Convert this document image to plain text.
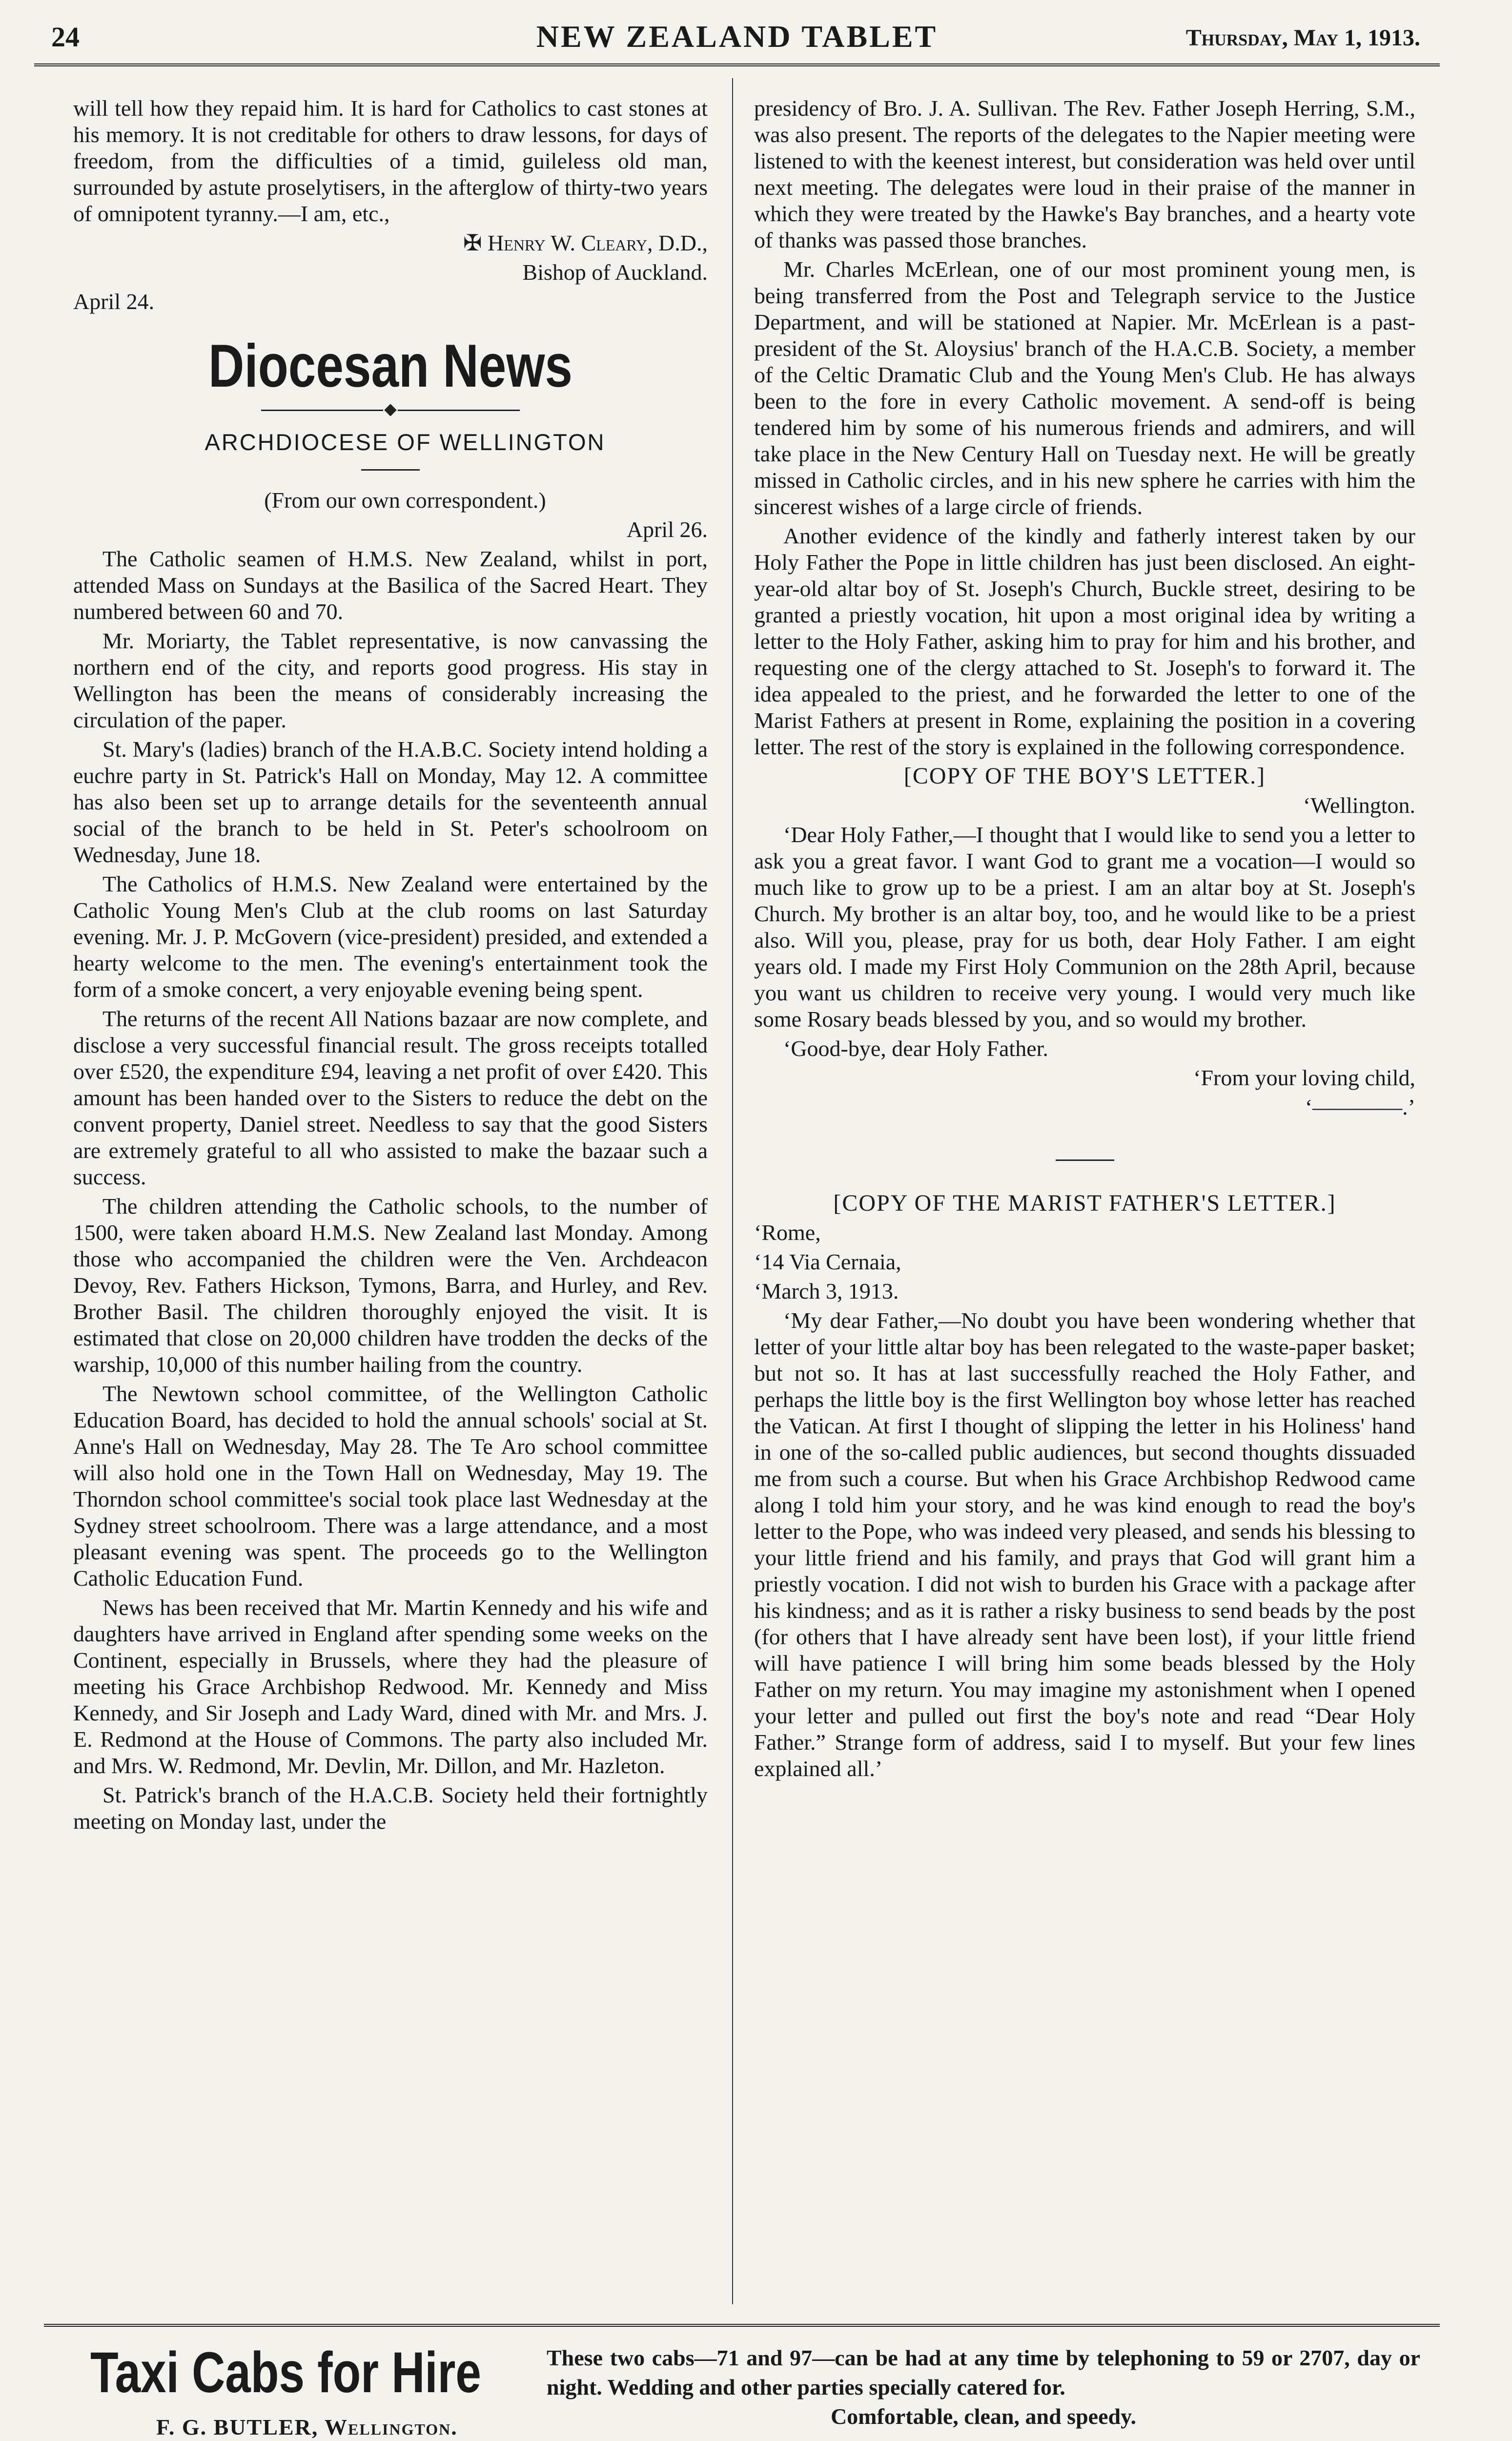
24	NEW ZEALAND TABLET	Thursday, May 1, 1913.

will tell how they repaid him. It is hard for Catholics to cast stones at his memory. It is not creditable for others to draw lessons, for days of freedom, from the difficulties of a timid, guileless old man, surrounded by astute proselytisers, in the afterglow of thirty-two years of omnipotent tyranny.—I am, etc.,

✠ Henry W. Cleary, D.D.,

Bishop of Auckland.

April 24.

Diocesan News

ARCHDIOCESE OF WELLINGTON

(From our own correspondent.)

April 26.

The Catholic seamen of H.M.S. New Zealand, whilst in port, attended Mass on Sundays at the Basilica of the Sacred Heart. They numbered between 60 and 70.

Mr. Moriarty, the Tablet representative, is now canvassing the northern end of the city, and reports good progress. His stay in Wellington has been the means of considerably increasing the circulation of the paper.

St. Mary's (ladies) branch of the H.A.B.C. Society intend holding a euchre party in St. Patrick's Hall on Monday, May 12. A committee has also been set up to arrange details for the seventeenth annual social of the branch to be held in St. Peter's schoolroom on Wednesday, June 18.

The Catholics of H.M.S. New Zealand were entertained by the Catholic Young Men's Club at the club rooms on last Saturday evening. Mr. J. P. McGovern (vice-president) presided, and extended a hearty welcome to the men. The evening's entertainment took the form of a smoke concert, a very enjoyable evening being spent.

The returns of the recent All Nations bazaar are now complete, and disclose a very successful financial result. The gross receipts totalled over £520, the expenditure £94, leaving a net profit of over £420. This amount has been handed over to the Sisters to reduce the debt on the convent property, Daniel street. Needless to say that the good Sisters are extremely grateful to all who assisted to make the bazaar such a success.

The children attending the Catholic schools, to the number of 1500, were taken aboard H.M.S. New Zealand last Monday. Among those who accompanied the children were the Ven. Archdeacon Devoy, Rev. Fathers Hickson, Tymons, Barra, and Hurley, and Rev. Brother Basil. The children thoroughly enjoyed the visit. It is estimated that close on 20,000 children have trodden the decks of the warship, 10,000 of this number hailing from the country.

The Newtown school committee, of the Wellington Catholic Education Board, has decided to hold the annual schools' social at St. Anne's Hall on Wednesday, May 28. The Te Aro school committee will also hold one in the Town Hall on Wednesday, May 19. The Thorndon school committee's social took place last Wednesday at the Sydney street schoolroom. There was a large attendance, and a most pleasant evening was spent. The proceeds go to the Wellington Catholic Education Fund.

News has been received that Mr. Martin Kennedy and his wife and daughters have arrived in England after spending some weeks on the Continent, especially in Brussels, where they had the pleasure of meeting his Grace Archbishop Redwood. Mr. Kennedy and Miss Kennedy, and Sir Joseph and Lady Ward, dined with Mr. and Mrs. J. E. Redmond at the House of Commons. The party also included Mr. and Mrs. W. Redmond, Mr. Devlin, Mr. Dillon, and Mr. Hazleton.

St. Patrick's branch of the H.A.C.B. Society held their fortnightly meeting on Monday last, under the

presidency of Bro. J. A. Sullivan. The Rev. Father Joseph Herring, S.M., was also present. The reports of the delegates to the Napier meeting were listened to with the keenest interest, but consideration was held over until next meeting. The delegates were loud in their praise of the manner in which they were treated by the Hawke's Bay branches, and a hearty vote of thanks was passed those branches.

Mr. Charles McErlean, one of our most prominent young men, is being transferred from the Post and Telegraph service to the Justice Department, and will be stationed at Napier. Mr. McErlean is a past-president of the St. Aloysius' branch of the H.A.C.B. Society, a member of the Celtic Dramatic Club and the Young Men's Club. He has always been to the fore in every Catholic movement. A send-off is being tendered him by some of his numerous friends and admirers, and will take place in the New Century Hall on Tuesday next. He will be greatly missed in Catholic circles, and in his new sphere he carries with him the sincerest wishes of a large circle of friends.

Another evidence of the kindly and fatherly interest taken by our Holy Father the Pope in little children has just been disclosed. An eight-year-old altar boy of St. Joseph's Church, Buckle street, desiring to be granted a priestly vocation, hit upon a most original idea by writing a letter to the Holy Father, asking him to pray for him and his brother, and requesting one of the clergy attached to St. Joseph's to forward it. The idea appealed to the priest, and he forwarded the letter to one of the Marist Fathers at present in Rome, explaining the position in a covering letter. The rest of the story is explained in the following correspondence.

[COPY OF THE BOY'S LETTER.]

‘Wellington.

‘Dear Holy Father,—I thought that I would like to send you a letter to ask you a great favor. I want God to grant me a vocation—I would so much like to grow up to be a priest. I am an altar boy at St. Joseph's Church. My brother is an altar boy, too, and he would like to be a priest also. Will you, please, pray for us both, dear Holy Father. I am eight years old. I made my First Holy Communion on the 28th April, because you want us children to receive very young. I would very much like some Rosary beads blessed by you, and so would my brother.

‘Good-bye, dear Holy Father.

‘From your loving child,

‘————.’

[COPY OF THE MARIST FATHER'S LETTER.]

‘Rome,

‘14 Via Cernaia,

‘March 3, 1913.

‘My dear Father,—No doubt you have been wondering whether that letter of your little altar boy has been relegated to the waste-paper basket; but not so. It has at last successfully reached the Holy Father, and perhaps the little boy is the first Wellington boy whose letter has reached the Vatican. At first I thought of slipping the letter in his Holiness' hand in one of the so-called public audiences, but second thoughts dissuaded me from such a course. But when his Grace Archbishop Redwood came along I told him your story, and he was kind enough to read the boy's letter to the Pope, who was indeed very pleased, and sends his blessing to your little friend and his family, and prays that God will grant him a priestly vocation. I did not wish to burden his Grace with a package after his kindness; and as it is rather a risky business to send beads by the post (for others that I have already sent have been lost), if your little friend will have patience I will bring him some beads blessed by the Holy Father on my return. You may imagine my astonishment when I opened your letter and pulled out first the boy's note and read “Dear Holy Father.” Strange form of address, said I to myself. But your few lines explained all.’

Taxi Cabs for Hire
F. G. BUTLER, Wellington.
These two cabs—71 and 97—can be had at any time by telephoning to 59 or 2707, day or night. Wedding and other parties specially catered for.
Comfortable, clean, and speedy.
